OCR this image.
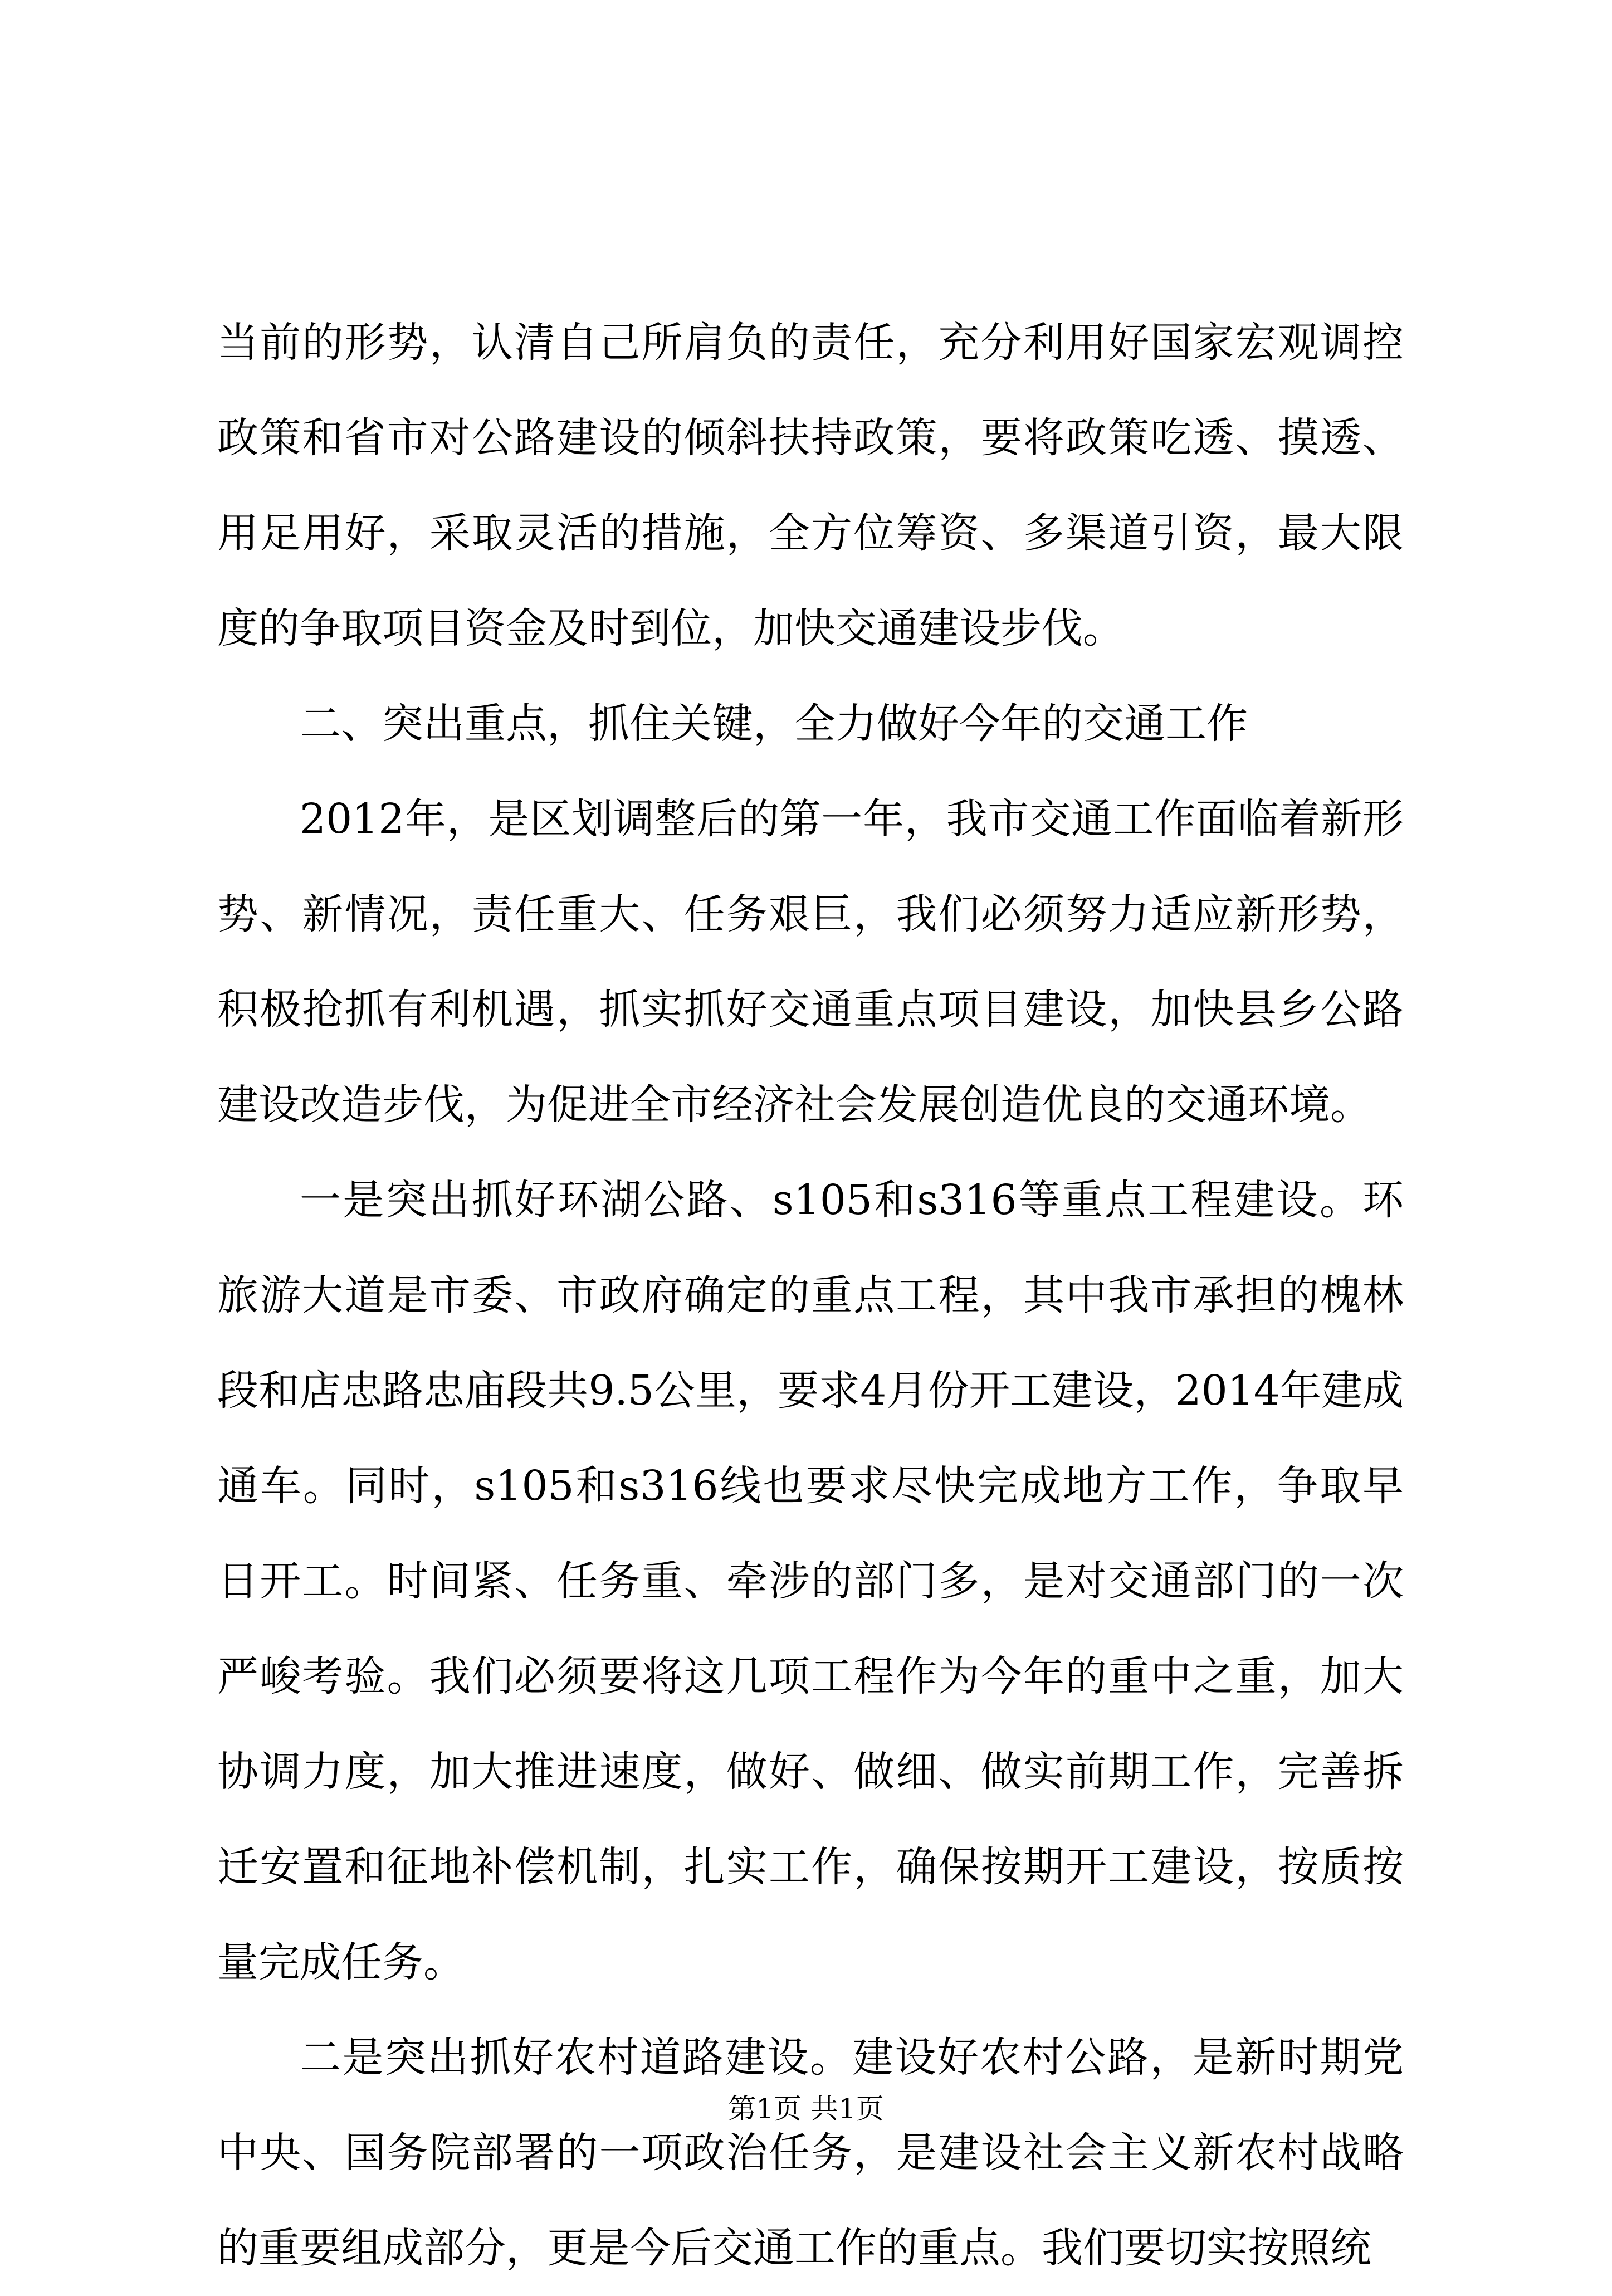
当前的形势，认清自己所肩负的责任，充分利用好国家宏观调控政策和省市对公路建设的倾斜扶持政策，要将政策吃透、摸透、用足用好，采取灵活的措施，全方位筹资、多渠道引资，最大限度的争取项目资金及时到位，加快交通建设步伐。

二、突出重点，抓住关键，全力做好今年的交通工作

2012年，是区划调整后的第一年，我市交通工作面临着新形势、新情况，责任重大、任务艰巨，我们必须努力适应新形势，积极抢抓有利机遇，抓实抓好交通重点项目建设，加快县乡公路建设改造步伐，为促进全市经济社会发展创造优良的交通环境。

一是突出抓好环湖公路、s105和s316等重点工程建设。环旅游大道是市委、市政府确定的重点工程，其中我市承担的槐林段和店忠路忠庙段共9.5公里，要求4月份开工建设，2014年建成通车。同时，s105和s316线也要求尽快完成地方工作，争取早日开工。时间紧、任务重、牵涉的部门多，是对交通部门的一次严峻考验。我们必须要将这几项工程作为今年的重中之重，加大协调力度，加大推进速度，做好、做细、做实前期工作，完善拆迁安置和征地补偿机制，扎实工作，确保按期开工建设，按质按量完成任务。

二是突出抓好农村道路建设。建设好农村公路，是新时期党中央、国务院部署的一项政治任务，是建设社会主义新农村战略的重要组成部分，更是今后交通工作的重点。我们要切实按照统

第1页 共1页
